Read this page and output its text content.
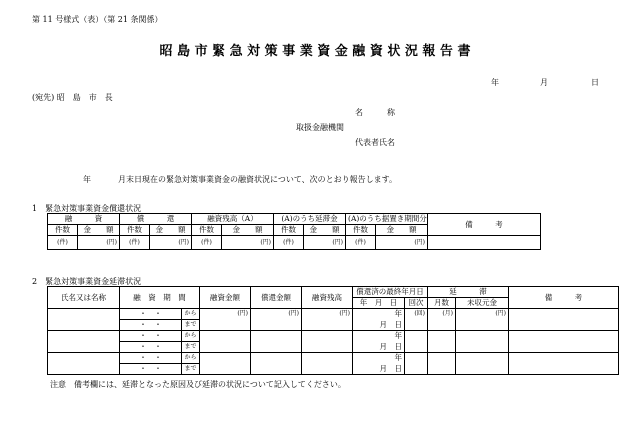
第 11 号様式（表）（第 21 条関係）
昭 島 市 緊 急 対 策 事 業 資 金 融 資 状 況 報 告 書
年	月	日
(宛先) 昭　島　市　長
名　　　称
取扱金融機関
代表者氏名
年	月末日現在の緊急対策事業資金の融資状況について、次のとおり報告します。
1　緊急対策事業資金償還状況
融　　　資		償　　　還		融資残高（A）		(A)のうち延滞金		(A)のうち据置き期間分		備　　　考
件数	金　　額	件数	金　　額	件数	金　　額	件数	金　　額	件数	金　　額	
(件)	(円)	(件)	(円)	(件)	(円)	(件)	(円)	(件)	(円)	
2　緊急対策事業資金延滞状況
氏名又は名称	融　資　期　間		融資金額	償還金額	融資残高	償還済の最終年月日		延　　　滞		備　　　考
						年　月　日	回次	月数	未収元金	
	・　・	から	(円)	(円)	(円)	年	(回)	(月)	(円)	
	・　・	まで				月　日				
	・　・	から				年				
	・　・	まで				月　日				
	・　・	から				年				
	・　・	まで				月　日				
注意　備考欄には、延滞となった原因及び延滞の状況について記入してください。
